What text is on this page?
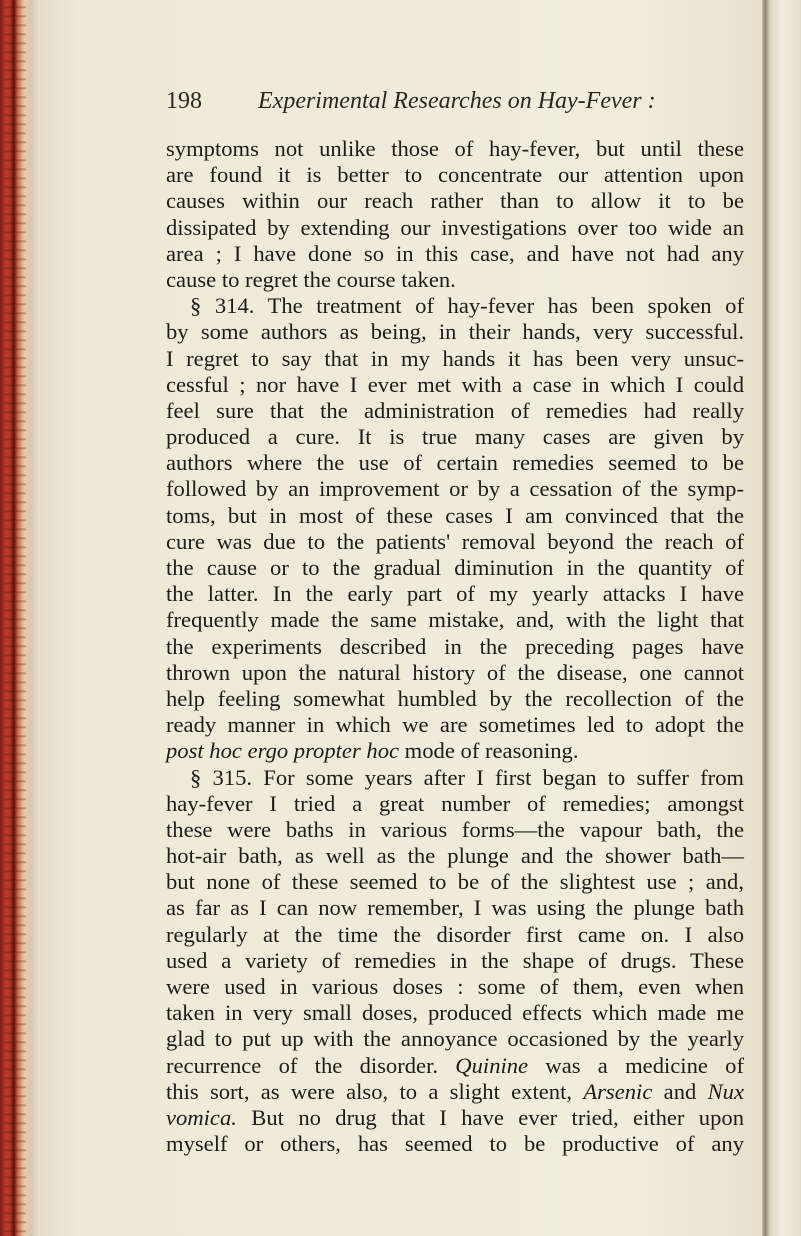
198 Experimental Researches on Hay-Fever :
symptoms not unlike those of hay-fever, but until these
are found it is better to concentrate our attention upon
causes within our reach rather than to allow it to be
dissipated by extending our investigations over too wide an
area ; I have done so in this case, and have not had any
cause to regret the course taken.
§ 314. The treatment of hay-fever has been spoken of
by some authors as being, in their hands, very successful.
I regret to say that in my hands it has been very unsuc-
cessful ; nor have I ever met with a case in which I could
feel sure that the administration of remedies had really
produced a cure. It is true many cases are given by
authors where the use of certain remedies seemed to be
followed by an improvement or by a cessation of the symp-
toms, but in most of these cases I am convinced that the
cure was due to the patients' removal beyond the reach of
the cause or to the gradual diminution in the quantity of
the latter. In the early part of my yearly attacks I have
frequently made the same mistake, and, with the light that
the experiments described in the preceding pages have
thrown upon the natural history of the disease, one cannot
help feeling somewhat humbled by the recollection of the
ready manner in which we are sometimes led to adopt the
post hoc ergo propter hoc mode of reasoning.
§ 315. For some years after I first began to suffer from
hay-fever I tried a great number of remedies; amongst
these were baths in various forms—the vapour bath, the
hot-air bath, as well as the plunge and the shower bath—
but none of these seemed to be of the slightest use ; and,
as far as I can now remember, I was using the plunge bath
regularly at the time the disorder first came on. I also
used a variety of remedies in the shape of drugs. These
were used in various doses : some of them, even when
taken in very small doses, produced effects which made me
glad to put up with the annoyance occasioned by the yearly
recurrence of the disorder. Quinine was a medicine of
this sort, as were also, to a slight extent, Arsenic and Nux
vomica. But no drug that I have ever tried, either upon
myself or others, has seemed to be productive of any
